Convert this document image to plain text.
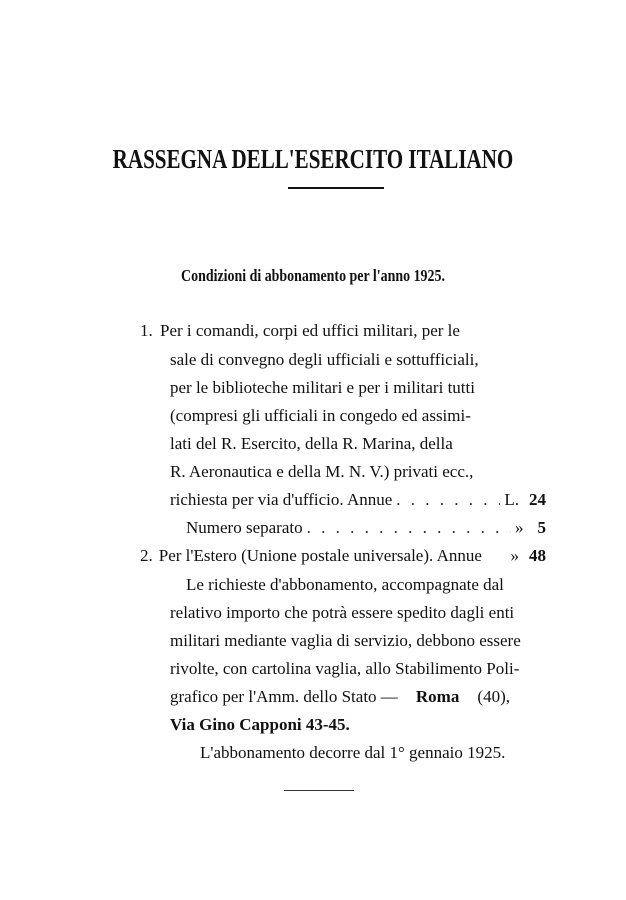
RASSEGNA DELL'ESERCITO ITALIANO
Condizioni di abbonamento per l'anno 1925.
1. Per i comandi, corpi ed uffici militari, per le
sale di convegno degli ufficiali e sottufficiali,
per le biblioteche militari e per i militari tutti
(compresi gli ufficiali in congedo ed assimi-
lati del R. Esercito, della R. Marina, della
R. Aeronautica e della M. N. V.) privati ecc.,
richiesta per via d'ufficio. Annue . . .	L. 24
Numero separato . . .	» 5
2. Per l'Estero (Unione postale universale). Annue » 48
Le richieste d'abbonamento, accompagnate dal
relativo importo che potrà essere spedito dagli enti
militari mediante vaglia di servizio, debbono essere
rivolte, con cartolina vaglia, allo Stabilimento Poli-
grafico per l'Amm. dello Stato — Roma (40),
Via Gino Capponi 43-45.
L'abbonamento decorre dal 1° gennaio 1925.
